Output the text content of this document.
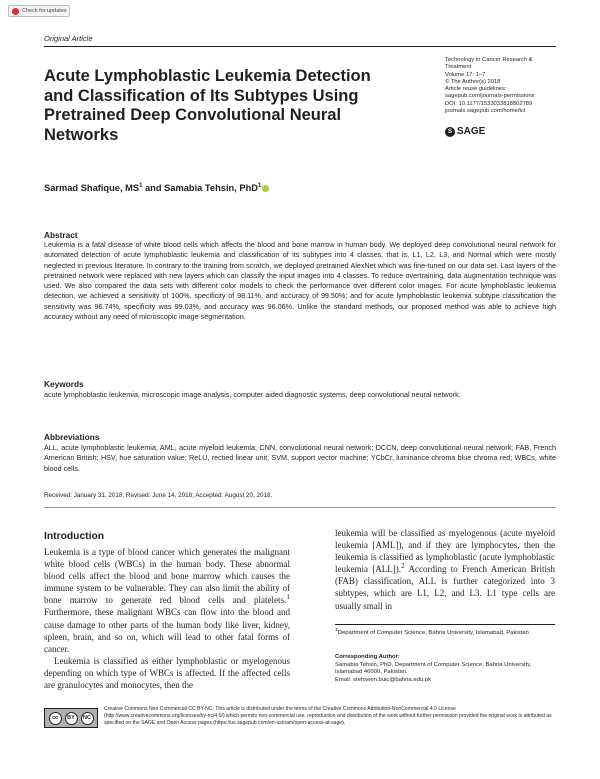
Check for updates
Original Article
Acute Lymphoblastic Leukemia Detection and Classification of Its Subtypes Using Pretrained Deep Convolutional Neural Networks
Technology in Cancer Research &
Treatment
Volume 17: 1–7
© The Author(s) 2018
Article reuse guidelines:
sagepub.com/journals-permissions
DOI: 10.1177/1533033818802789
journals.sagepub.com/home/tct
S SAGE
Sarmad Shafique, $MS^1$ and Samabia Tehsin, PhD$^1$
Abstract
Leukemia is a fatal disease of white blood cells which affects the blood and bone marrow in human body. We deployed deep convolutional neural network for automated detection of acute lymphoblastic leukemia and classification of its subtypes into 4 classes, that is, L1, L2, L3, and Normal which were mostly neglected in previous literature. In contrary to the training from scratch, we deployed pretrained AlexNet which was fine-tuned on our data set. Last layers of the pretrained network were replaced with new layers which can classify the input images into 4 classes. To reduce overtraining, data augmentation technique was used. We also compared the data sets with different color models to check the performance over different color images. For acute lymphoblastic leukemia detection, we achieved a sensitivity of 100%, specificity of 98.11%, and accuracy of 99.50%; and for acute lymphoblastic leukemia subtype classification the sensitivity was 96.74%, specificity was 99.03%, and accuracy was 96.06%. Unlike the standard methods, our proposed method was able to achieve high accuracy without any need of microscopic image segmentation.
Keywords
acute lymphoblastic leukemia, microscopic image analysis, computer aided diagnostic systems, deep convolutional neural network.
Abbreviations
ALL, acute lymphoblastic leukemia; AML, acute myeloid leukemia; CNN, convolutional neural network; DCCN, deep convolutional neural network; FAB, French American British; HSV, hue saturation value; ReLU, rectied linear unit; SVM, support vector machine; YCbCr, luminance chroma blue chroma red; WBCs, white blood cells.
Received: January 31, 2018; Revised: June 14, 2018; Accepted: August 20, 2018.
Introduction

Leukemia is a type of blood cancer which generates the malignant white blood cells (WBCs) in the human body. These abnormal blood cells affect the blood and bone marrow which causes the immune system to be vulnerable. They can also limit the ability of bone marrow to generate red blood cells and platelets.$^1$ Furthermore, these malignant WBCs can flow into the blood and cause damage to other parts of the human body like liver, kidney, spleen, brain, and so on, which will lead to other fatal forms of cancer.

Leukemia is classified as either lymphoblastic or myelogenous depending on which type of WBCs is affected. If the affected cells are granulocytes and monocytes, then the

leukemia will be classified as myelogenous (acute myeloid leukemia [AML]), and if they are lymphocytes, then the leukemia is classified as lymphoblastic (acute lymphoblastic leukemia [ALL]).$^2$ According to French American British (FAB) classification, ALL is further categorized into 3 subtypes, which are L1, L2, and L3. L1 type cells are usually small in

$^1$Department of Computer Science, Bahria University, Islamabad, Pakistan
Corresponding Author:
Samabia Tehsin, PhD, Department of Computer Science, Bahria University, Islamabad 46000, Pakistan.
Email: stehseen.buic@bahria.edu.pk
cc	BY	NC
Creative Commons Non Commercial CC BY-NC: This article is distributed under the terms of the Creative Commons Attribution-NonCommercial 4.0 License (http://www.creativecommons.org/licenses/by-nc/4.0/) which permits non-commercial use, reproduction and distribution of the work without further permission provided the original work is attributed as specified on the SAGE and Open Access pages (https://us.sagepub.com/en-us/nam/open-access-at-sage).
